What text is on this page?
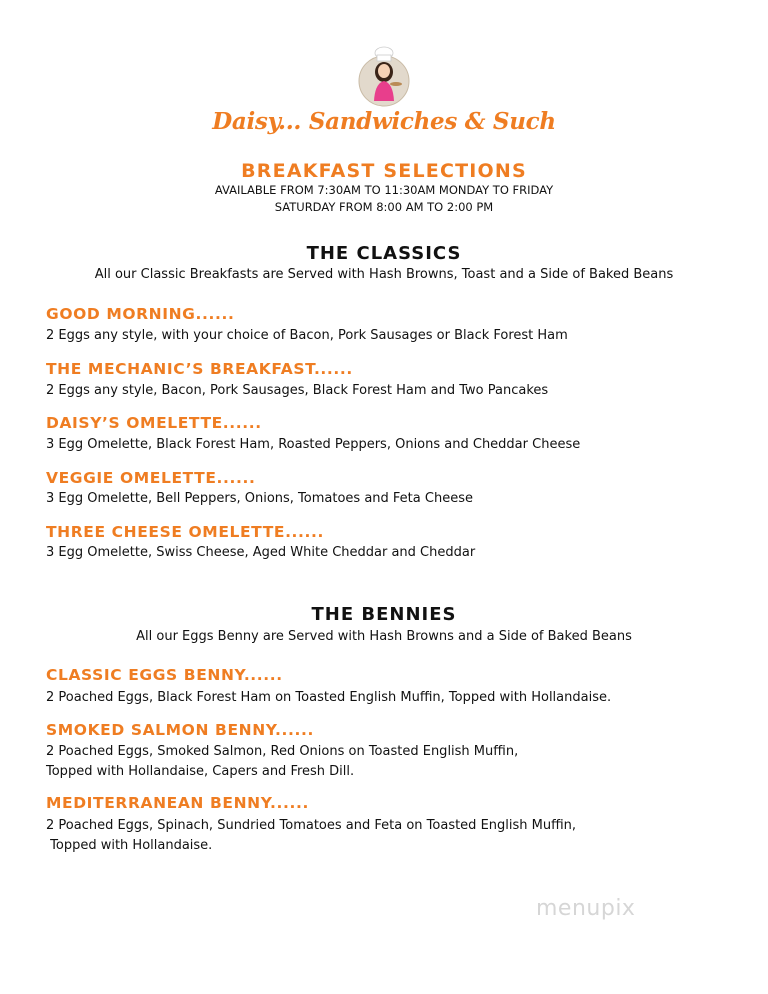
Daisy... Sandwiches & Such
BREAKFAST SELECTIONS
AVAILABLE FROM 7:30AM TO 11:30AM MONDAY TO FRIDAY
SATURDAY FROM 8:00 AM TO 2:00 PM
THE CLASSICS
All our Classic Breakfasts are Served with Hash Browns, Toast and a Side of Baked Beans
GOOD MORNING......
2 Eggs any style, with your choice of Bacon, Pork Sausages or Black Forest Ham
THE MECHANIC’S BREAKFAST......
2 Eggs any style, Bacon, Pork Sausages, Black Forest Ham and Two Pancakes
DAISY’S OMELETTE......
3 Egg Omelette, Black Forest Ham, Roasted Peppers, Onions and Cheddar Cheese
VEGGIE OMELETTE......
3 Egg Omelette, Bell Peppers, Onions, Tomatoes and Feta Cheese
THREE CHEESE OMELETTE......
3 Egg Omelette, Swiss Cheese, Aged White Cheddar and Cheddar
THE BENNIES
All our Eggs Benny are Served with Hash Browns and a Side of Baked Beans
CLASSIC EGGS BENNY......
2 Poached Eggs, Black Forest Ham on Toasted English Muffin, Topped with Hollandaise.
SMOKED SALMON BENNY......
2 Poached Eggs, Smoked Salmon, Red Onions on Toasted English Muffin,
Topped with Hollandaise, Capers and Fresh Dill.
MEDITERRANEAN BENNY......
2 Poached Eggs, Spinach, Sundried Tomatoes and Feta on Toasted English Muffin,
Topped with Hollandaise.
menupix
